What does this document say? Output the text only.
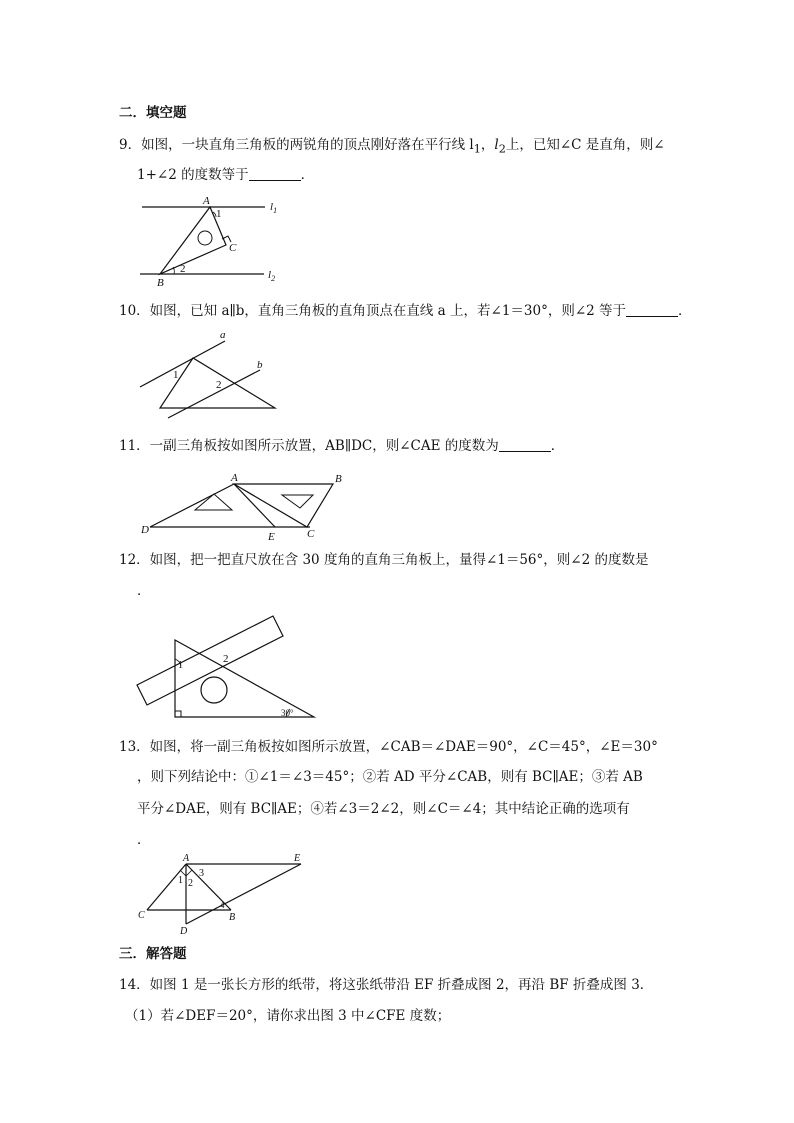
二．填空题
9．如图，一块直角三角板的两锐角的顶点刚好落在平行线 $l_1$，$l_2$上，已知∠C 是直角，则∠
1+∠2 的度数等于	．
A
1
C
B
2
$l_1$
$l_2$
10．如图，已知 a∥b，直角三角板的直角顶点在直线 a 上，若∠1＝30°，则∠2 等于	．
a
b
1
2
11．一副三角板按如图所示放置，AB∥DC，则∠CAE 的度数为	．
A	B
C
D
E
12．如图，把一把直尺放在含 30 度角的直角三角板上，量得∠1＝56°，则∠2 的度数是
．
1
2
30°
13．如图，将一副三角板按如图所示放置，∠CAB＝∠DAE＝90°，∠C＝45°，∠E＝30°
，则下列结论中：①∠1＝∠3＝45°；②若 AD 平分∠CAB，则有 BC∥AE；③若 AB
平分∠DAE，则有 BC∥AE；④若∠3＝2∠2，则∠C＝∠4；其中结论正确的选项有
．
A	E
C	B
D
1 2
3
4
三．解答题
14．如图 1 是一张长方形的纸带，将这张纸带沿 EF 折叠成图 2，再沿 BF 折叠成图 3．
（1）若∠DEF＝20°，请你求出图 3 中∠CFE 度数；
